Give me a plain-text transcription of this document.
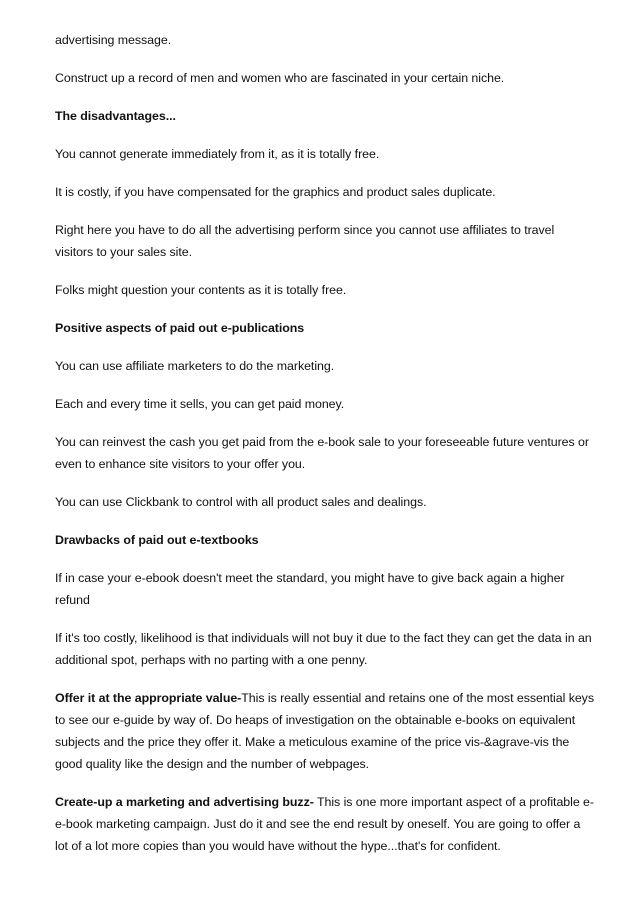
advertising message.

Construct up a record of men and women who are fascinated in your certain niche.

The disadvantages...

You cannot generate immediately from it, as it is totally free.

It is costly, if you have compensated for the graphics and product sales duplicate.

Right here you have to do all the advertising perform since you cannot use affiliates to travel visitors to your sales site.

Folks might question your contents as it is totally free.

Positive aspects of paid out e-publications

You can use affiliate marketers to do the marketing.

Each and every time it sells, you can get paid money.

You can reinvest the cash you get paid from the e-book sale to your foreseeable future ventures or even to enhance site visitors to your offer you.

You can use Clickbank to control with all product sales and dealings.

Drawbacks of paid out e-textbooks

If in case your e-ebook doesn't meet the standard, you might have to give back again a higher refund

If it's too costly, likelihood is that individuals will not buy it due to the fact they can get the data in an additional spot, perhaps with no parting with a one penny.

Offer it at the appropriate value-This is really essential and retains one of the most essential keys to see our e-guide by way of. Do heaps of investigation on the obtainable e-books on equivalent subjects and the price they offer it. Make a meticulous examine of the price vis-&agrave-vis the good quality like the design and the number of webpages.

Create-up a marketing and advertising buzz- This is one more important aspect of a profitable e-e-book marketing campaign. Just do it and see the end result by oneself. You are going to offer a lot of a lot more copies than you would have without the hype...that's for confident.
